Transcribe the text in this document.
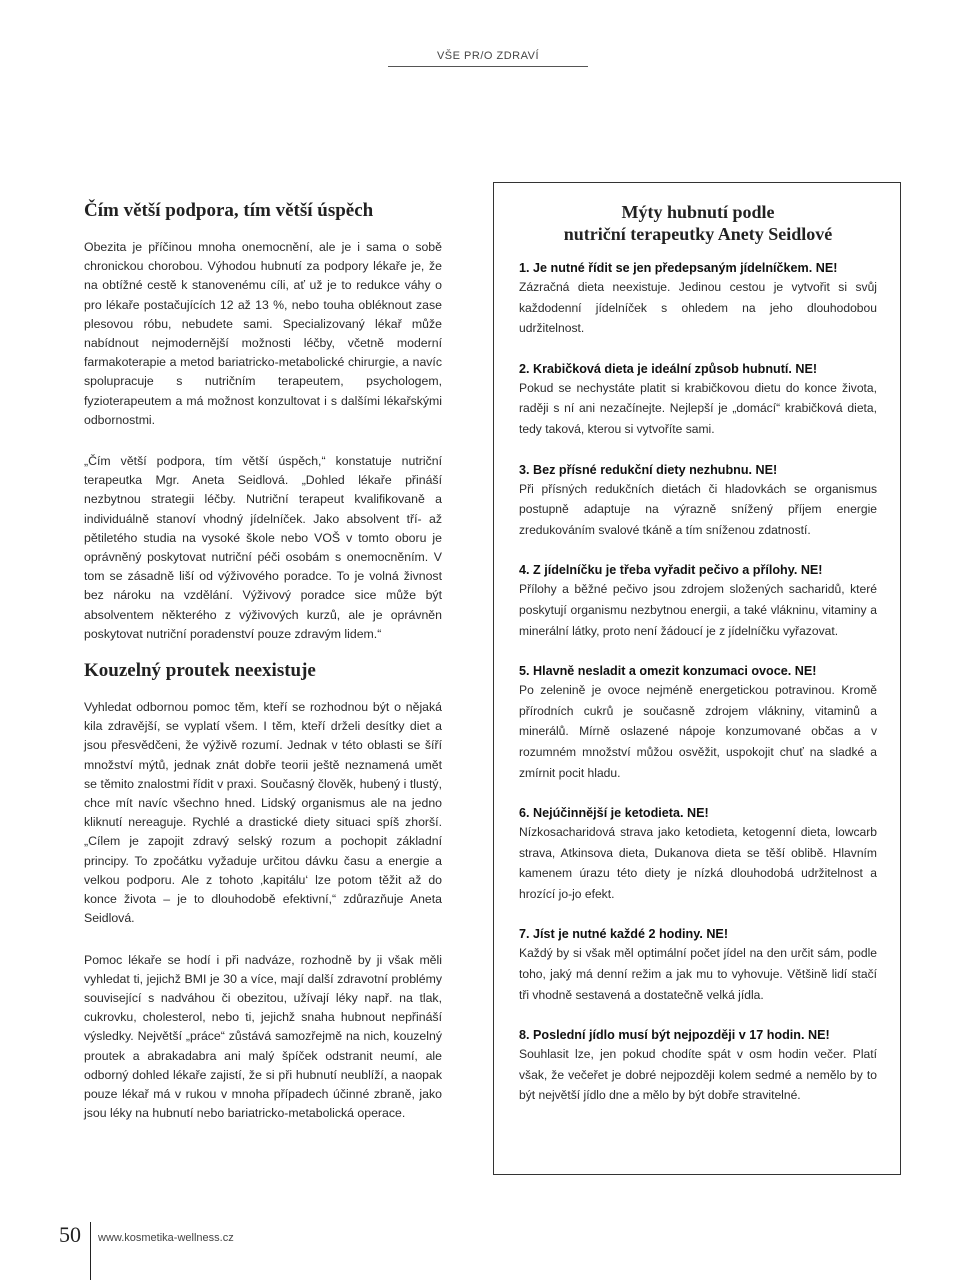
VŠE PR/O ZDRAVÍ
Čím větší podpora, tím větší úspěch

Obezita je příčinou mnoha onemocnění, ale je i sama o sobě chronickou chorobou. Výhodou hubnutí za podpory lékaře je, že na obtížné cestě k stanovenému cíli, ať už je to redukce váhy o pro lékaře postačujících 12 až 13 %, nebo touha obléknout zase plesovou róbu, nebudete sami. Specializovaný lékař může nabídnout nejmodernější možnosti léčby, včetně moderní farmakoterapie a metod bariatricko-metabolické chirurgie, a navíc spolupracuje s nutričním terapeutem, psychologem, fyzioterapeutem a má možnost konzultovat i s dalšími lékařskými odbornostmi.

„Čím větší podpora, tím větší úspěch,“ konstatuje nutriční terapeutka Mgr. Aneta Seidlová. „Dohled lékaře přináší nezbytnou strategii léčby. Nutriční terapeut kvalifikovaně a individuálně stanoví vhodný jídelníček. Jako absolvent tří- až pětiletého studia na vysoké škole nebo VOŠ v tomto oboru je oprávněný poskytovat nutriční péči osobám s onemocněním. V tom se zásadně liší od výživového poradce. To je volná živnost bez nároku na vzdělání. Výživový poradce sice může být absolventem některého z výživových kurzů, ale je oprávněn poskytovat nutriční poradenství pouze zdravým lidem.“

Kouzelný proutek neexistuje

Vyhledat odbornou pomoc těm, kteří se rozhodnou být o nějaká kila zdravější, se vyplatí všem. I těm, kteří drželi desítky diet a jsou přesvědčeni, že výživě rozumí. Jednak v této oblasti se šíří množství mýtů, jednak znát dobře teorii ještě neznamená umět se těmito znalostmi řídit v praxi. Současný člověk, hubený i tlustý, chce mít navíc všechno hned. Lidský organismus ale na jedno kliknutí nereaguje. Rychlé a drastické diety situaci spíš zhorší. „Cílem je zapojit zdravý selský rozum a pochopit základní principy. To zpočátku vyžaduje určitou dávku času a energie a velkou podporu. Ale z tohoto ‚kapitálu‘ lze potom těžit až do konce života – je to dlouhodobě efektivní,“ zdůrazňuje Aneta Seidlová.

Pomoc lékaře se hodí i při nadváze, rozhodně by ji však měli vyhledat ti, jejichž BMI je 30 a více, mají další zdravotní problémy související s nadváhou či obezitou, užívají léky např. na tlak, cukrovku, cholesterol, nebo ti, jejichž snaha hubnout nepřináší výsledky. Největší „práce“ zůstává samozřejmě na nich, kouzelný proutek a abrakadabra ani malý špíček odstranit neumí, ale odborný dohled lékaře zajistí, že si při hubnutí neublíží, a naopak pouze lékař má v rukou v mnoha případech účinné zbraně, jako jsou léky na hubnutí nebo bariatricko-metabolická operace.

Mýty hubnutí podle
nutriční terapeutky Anety Seidlové
1. Je nutné řídit se jen předepsaným jídelníčkem. NE!

Zázračná dieta neexistuje. Jedinou cestou je vytvořit si svůj každodenní jídelníček s ohledem na jeho dlouhodobou udržitelnost.

2. Krabičková dieta je ideální způsob hubnutí. NE!

Pokud se nechystáte platit si krabičkovou dietu do konce života, raději s ní ani nezačínejte. Nejlepší je „domácí“ krabičková dieta, tedy taková, kterou si vytvoříte sami.

3. Bez přísné redukční diety nezhubnu. NE!

Při přísných redukčních dietách či hladovkách se organismus postupně adaptuje na výrazně snížený příjem energie zredukováním svalové tkáně a tím sníženou zdatností.

4. Z jídelníčku je třeba vyřadit pečivo a přílohy. NE!

Přílohy a běžné pečivo jsou zdrojem složených sacharidů, které poskytují organismu nezbytnou energii, a také vlákninu, vitaminy a minerální látky, proto není žádoucí je z jídelníčku vyřazovat.

5. Hlavně nesladit a omezit konzumaci ovoce. NE!

Po zelenině je ovoce nejméně energetickou potravinou. Kromě přírodních cukrů je současně zdrojem vlákniny, vitaminů a minerálů. Mírně oslazené nápoje konzumované občas a v rozumném množství můžou osvěžit, uspokojit chuť na sladké a zmírnit pocit hladu.

6. Nejúčinnější je ketodieta. NE!

Nízkosacharidová strava jako ketodieta, ketogenní dieta, lowcarb strava, Atkinsova dieta, Dukanova dieta se těší oblibě. Hlavním kamenem úrazu této diety je nízká dlouhodobá udržitelnost a hrozící jo-jo efekt.

7. Jíst je nutné každé 2 hodiny. NE!

Každý by si však měl optimální počet jídel na den určit sám, podle toho, jaký má denní režim a jak mu to vyhovuje. Většině lidí stačí tři vhodně sestavená a dostatečně velká jídla.

8. Poslední jídlo musí být nejpozději v 17 hodin. NE!

Souhlasit lze, jen pokud chodíte spát v osm hodin večer. Platí však, že večeřet je dobré nejpozději kolem sedmé a nemělo by to být největší jídlo dne a mělo by být dobře stravitelné.

50 www.kosmetika-wellness.cz
